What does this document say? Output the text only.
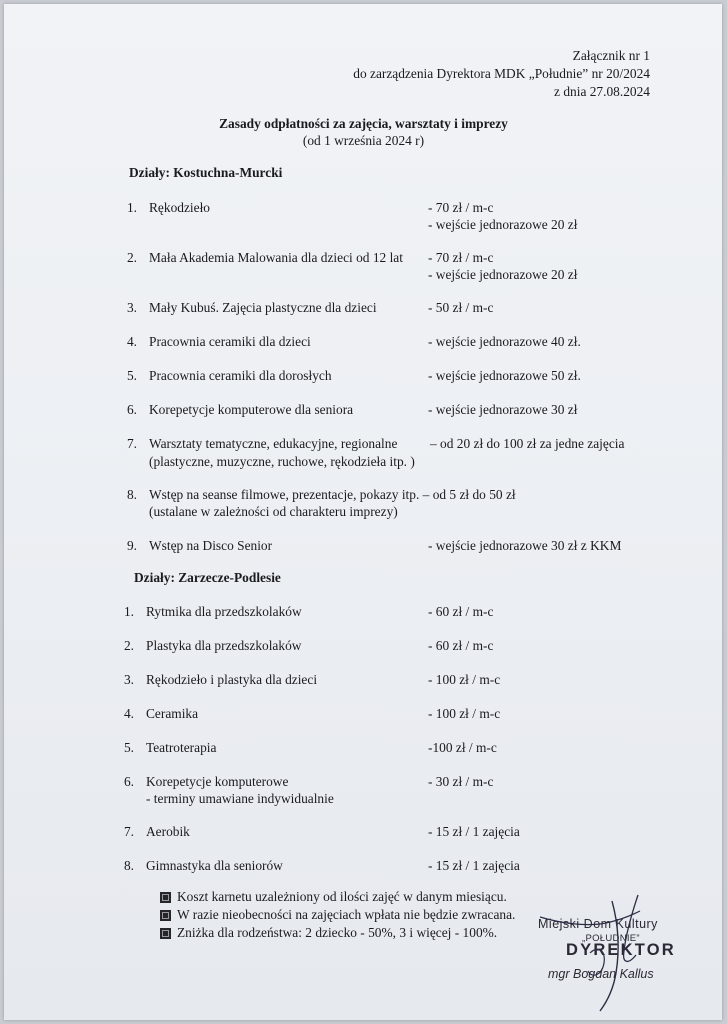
Załącznik nr 1
do zarządzenia Dyrektora MDK „Południe” nr 20/2024
z dnia 27.08.2024
Zasady odpłatności za zajęcia, warsztaty i imprezy
(od 1 września 2024 r)
Działy: Kostuchna-Murcki
1. Rękodzieło	- 70 zł / m-c
- wejście jednorazowe 20 zł
2. Mała Akademia Malowania dla dzieci od 12 lat - 70 zł / m-c
- wejście jednorazowe 20 zł
3. Mały Kubuś. Zajęcia plastyczne dla dzieci	- 50 zł / m-c
4. Pracownia ceramiki dla dzieci	- wejście jednorazowe 40 zł.
5. Pracownia ceramiki dla dorosłych	- wejście jednorazowe 50 zł.
6. Korepetycje komputerowe dla seniora	- wejście jednorazowe 30 zł
7. Warsztaty tematyczne, edukacyjne, regionalne – od 20 zł do 100 zł za jedne zajęcia
(plastyczne, muzyczne, ruchowe, rękodzieła itp. )
8. Wstęp na seanse filmowe, prezentacje, pokazy itp. – od 5 zł do 50 zł
(ustalane w zależności od charakteru imprezy)
9. Wstęp na Disco Senior	- wejście jednorazowe 30 zł z KKM
Działy: Zarzecze-Podlesie
1. Rytmika dla przedszkolaków	- 60 zł / m-c
2. Plastyka dla przedszkolaków	- 60 zł / m-c
3. Rękodzieło i plastyka dla dzieci	- 100 zł / m-c
4. Ceramika	- 100 zł / m-c
5. Teatroterapia	-100 zł / m-c
6. Korepetycje komputerowe	- 30 zł / m-c
- terminy umawiane indywidualnie
7. Aerobik	- 15 zł / 1 zajęcia
8. Gimnastyka dla seniorów	- 15 zł / 1 zajęcia
Koszt karnetu uzależniony od ilości zajęć w danym miesiącu.
W razie nieobecności na zajęciach wpłata nie będzie zwracana.
Zniżka dla rodzeństwa: 2 dziecko - 50%, 3 i więcej - 100%.
Miejski Dom Kultury
„POŁUDNIE”
DYREKTOR
mgr Bogdan Kallus
